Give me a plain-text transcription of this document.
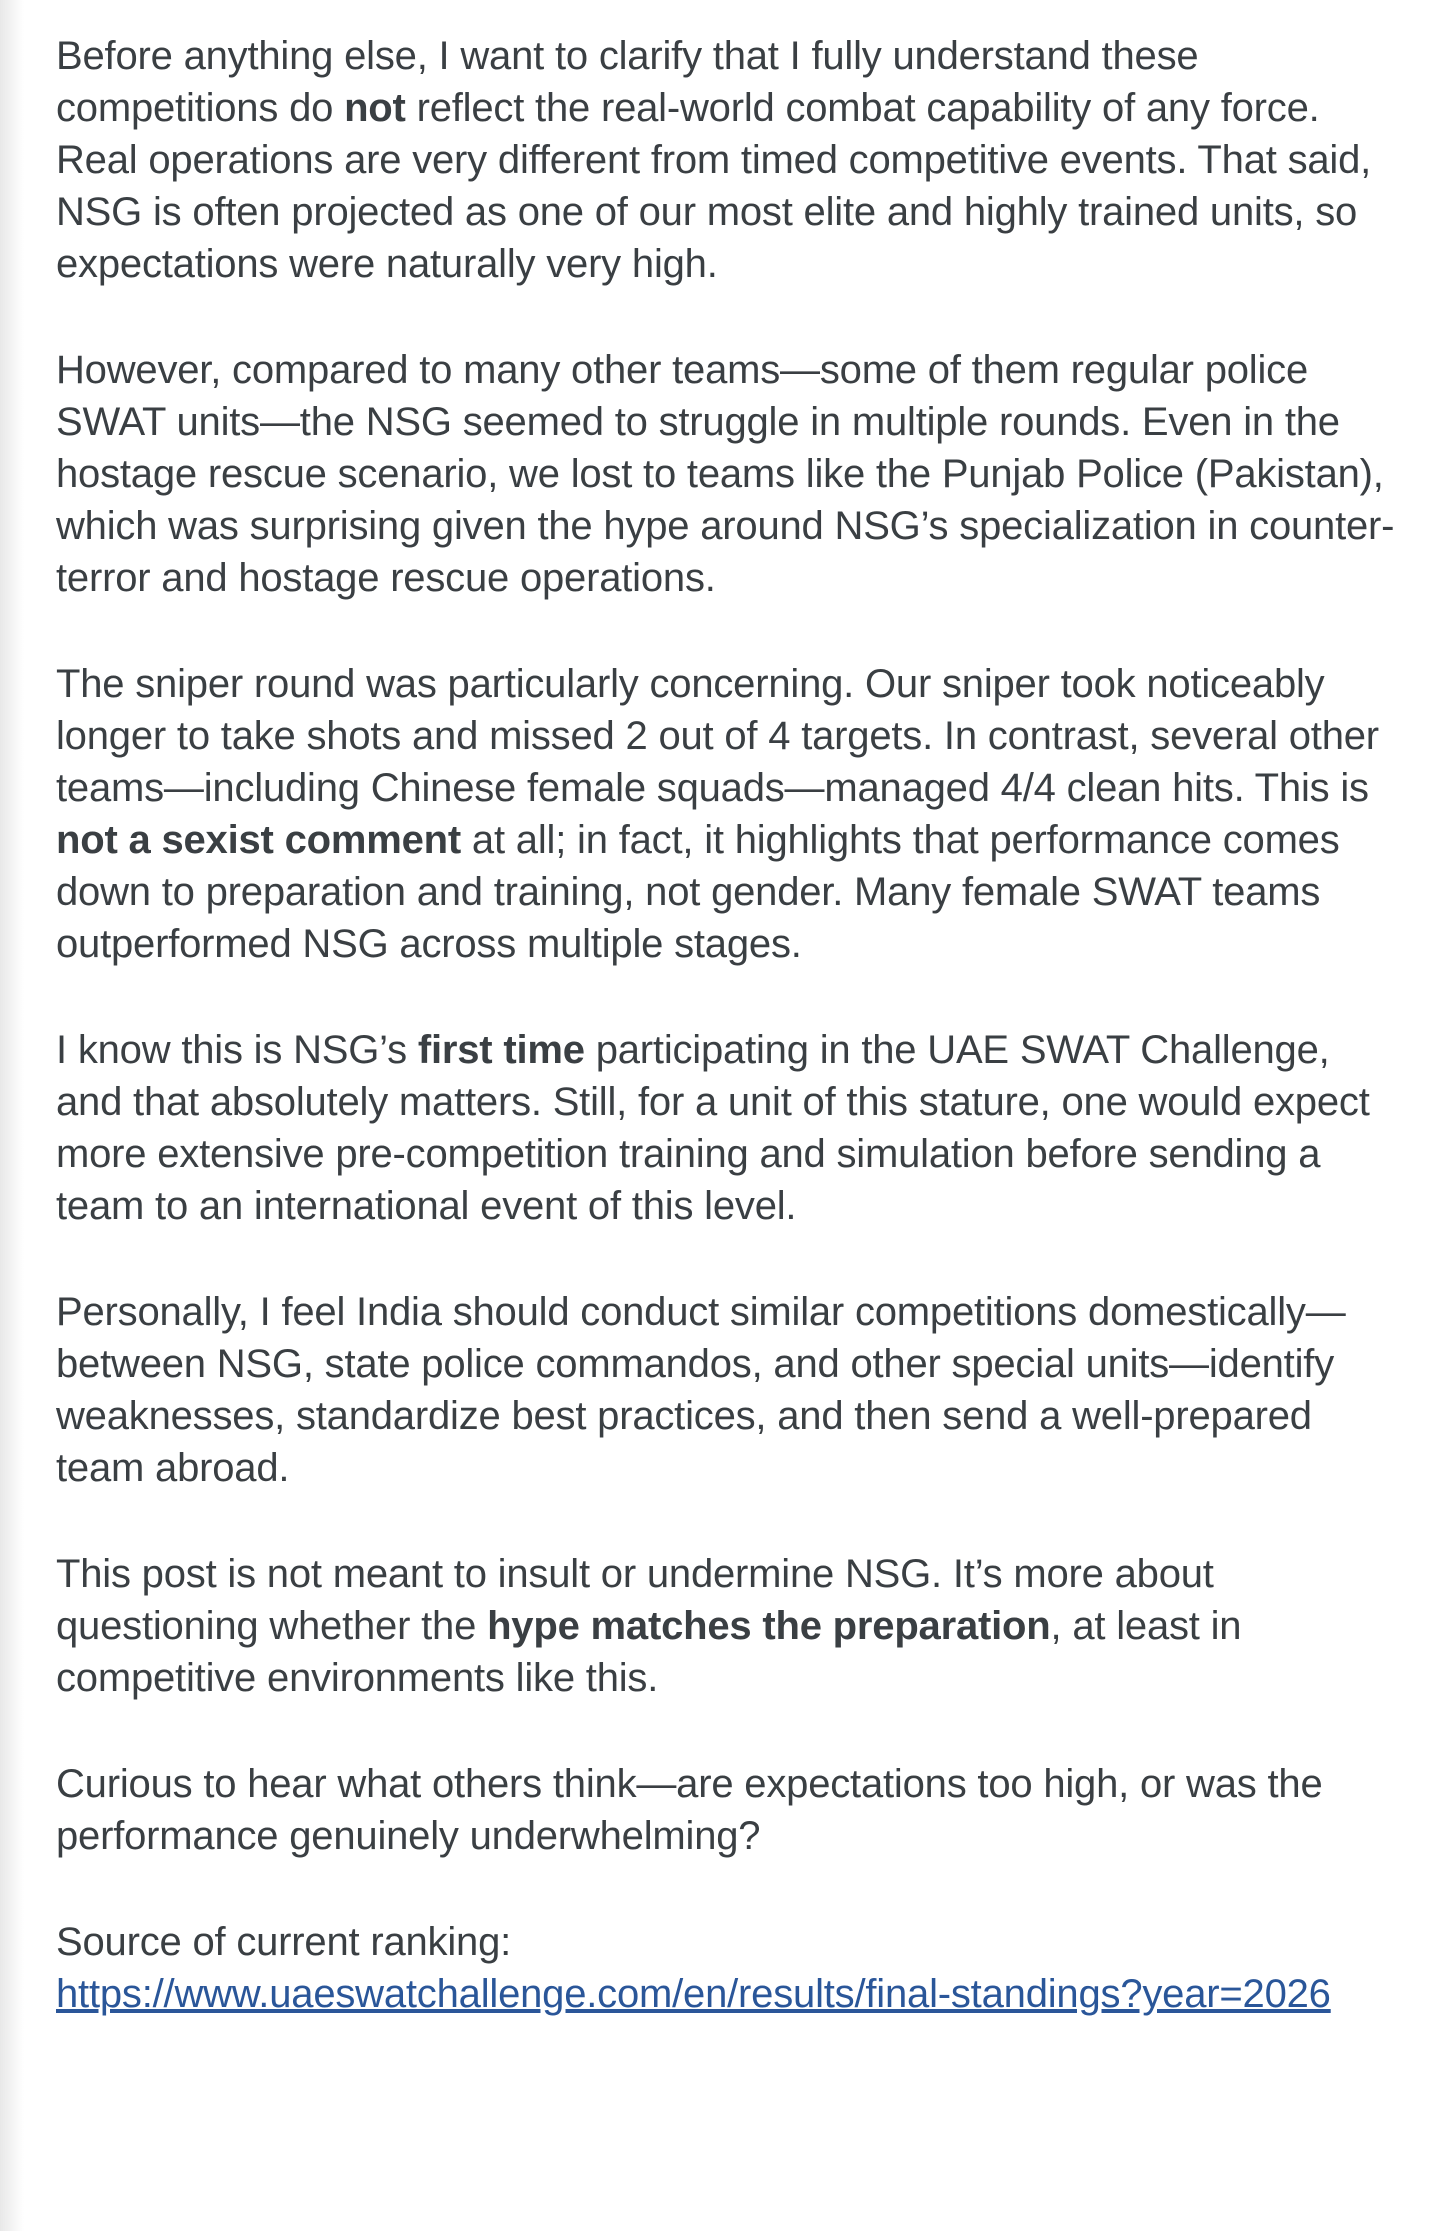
Before anything else, I want to clarify that I fully understand these competitions do not reflect the real-world combat capability of any force. Real operations are very different from timed competitive events. That said, NSG is often projected as one of our most elite and highly trained units, so expectations were naturally very high.

However, compared to many other teams—some of them regular police SWAT units—the NSG seemed to struggle in multiple rounds. Even in the hostage rescue scenario, we lost to teams like the Punjab Police (Pakistan), which was surprising given the hype around NSG’s specialization in counter-terror and hostage rescue operations.

The sniper round was particularly concerning. Our sniper took noticeably longer to take shots and missed 2 out of 4 targets. In contrast, several other teams—including Chinese female squads—managed 4/4 clean hits. This is not a sexist comment at all; in fact, it highlights that performance comes down to preparation and training, not gender. Many female SWAT teams outperformed NSG across multiple stages.

I know this is NSG’s first time participating in the UAE SWAT Challenge, and that absolutely matters. Still, for a unit of this stature, one would expect more extensive pre-competition training and simulation before sending a team to an international event of this level.

Personally, I feel India should conduct similar competitions domestically—between NSG, state police commandos, and other special units—identify weaknesses, standardize best practices, and then send a well-prepared team abroad.

This post is not meant to insult or undermine NSG. It’s more about questioning whether the hype matches the preparation, at least in competitive environments like this.

Curious to hear what others think—are expectations too high, or was the performance genuinely underwhelming?

Source of current ranking:
https://www.uaeswatchallenge.com/en/results/final-standings?year=2026
